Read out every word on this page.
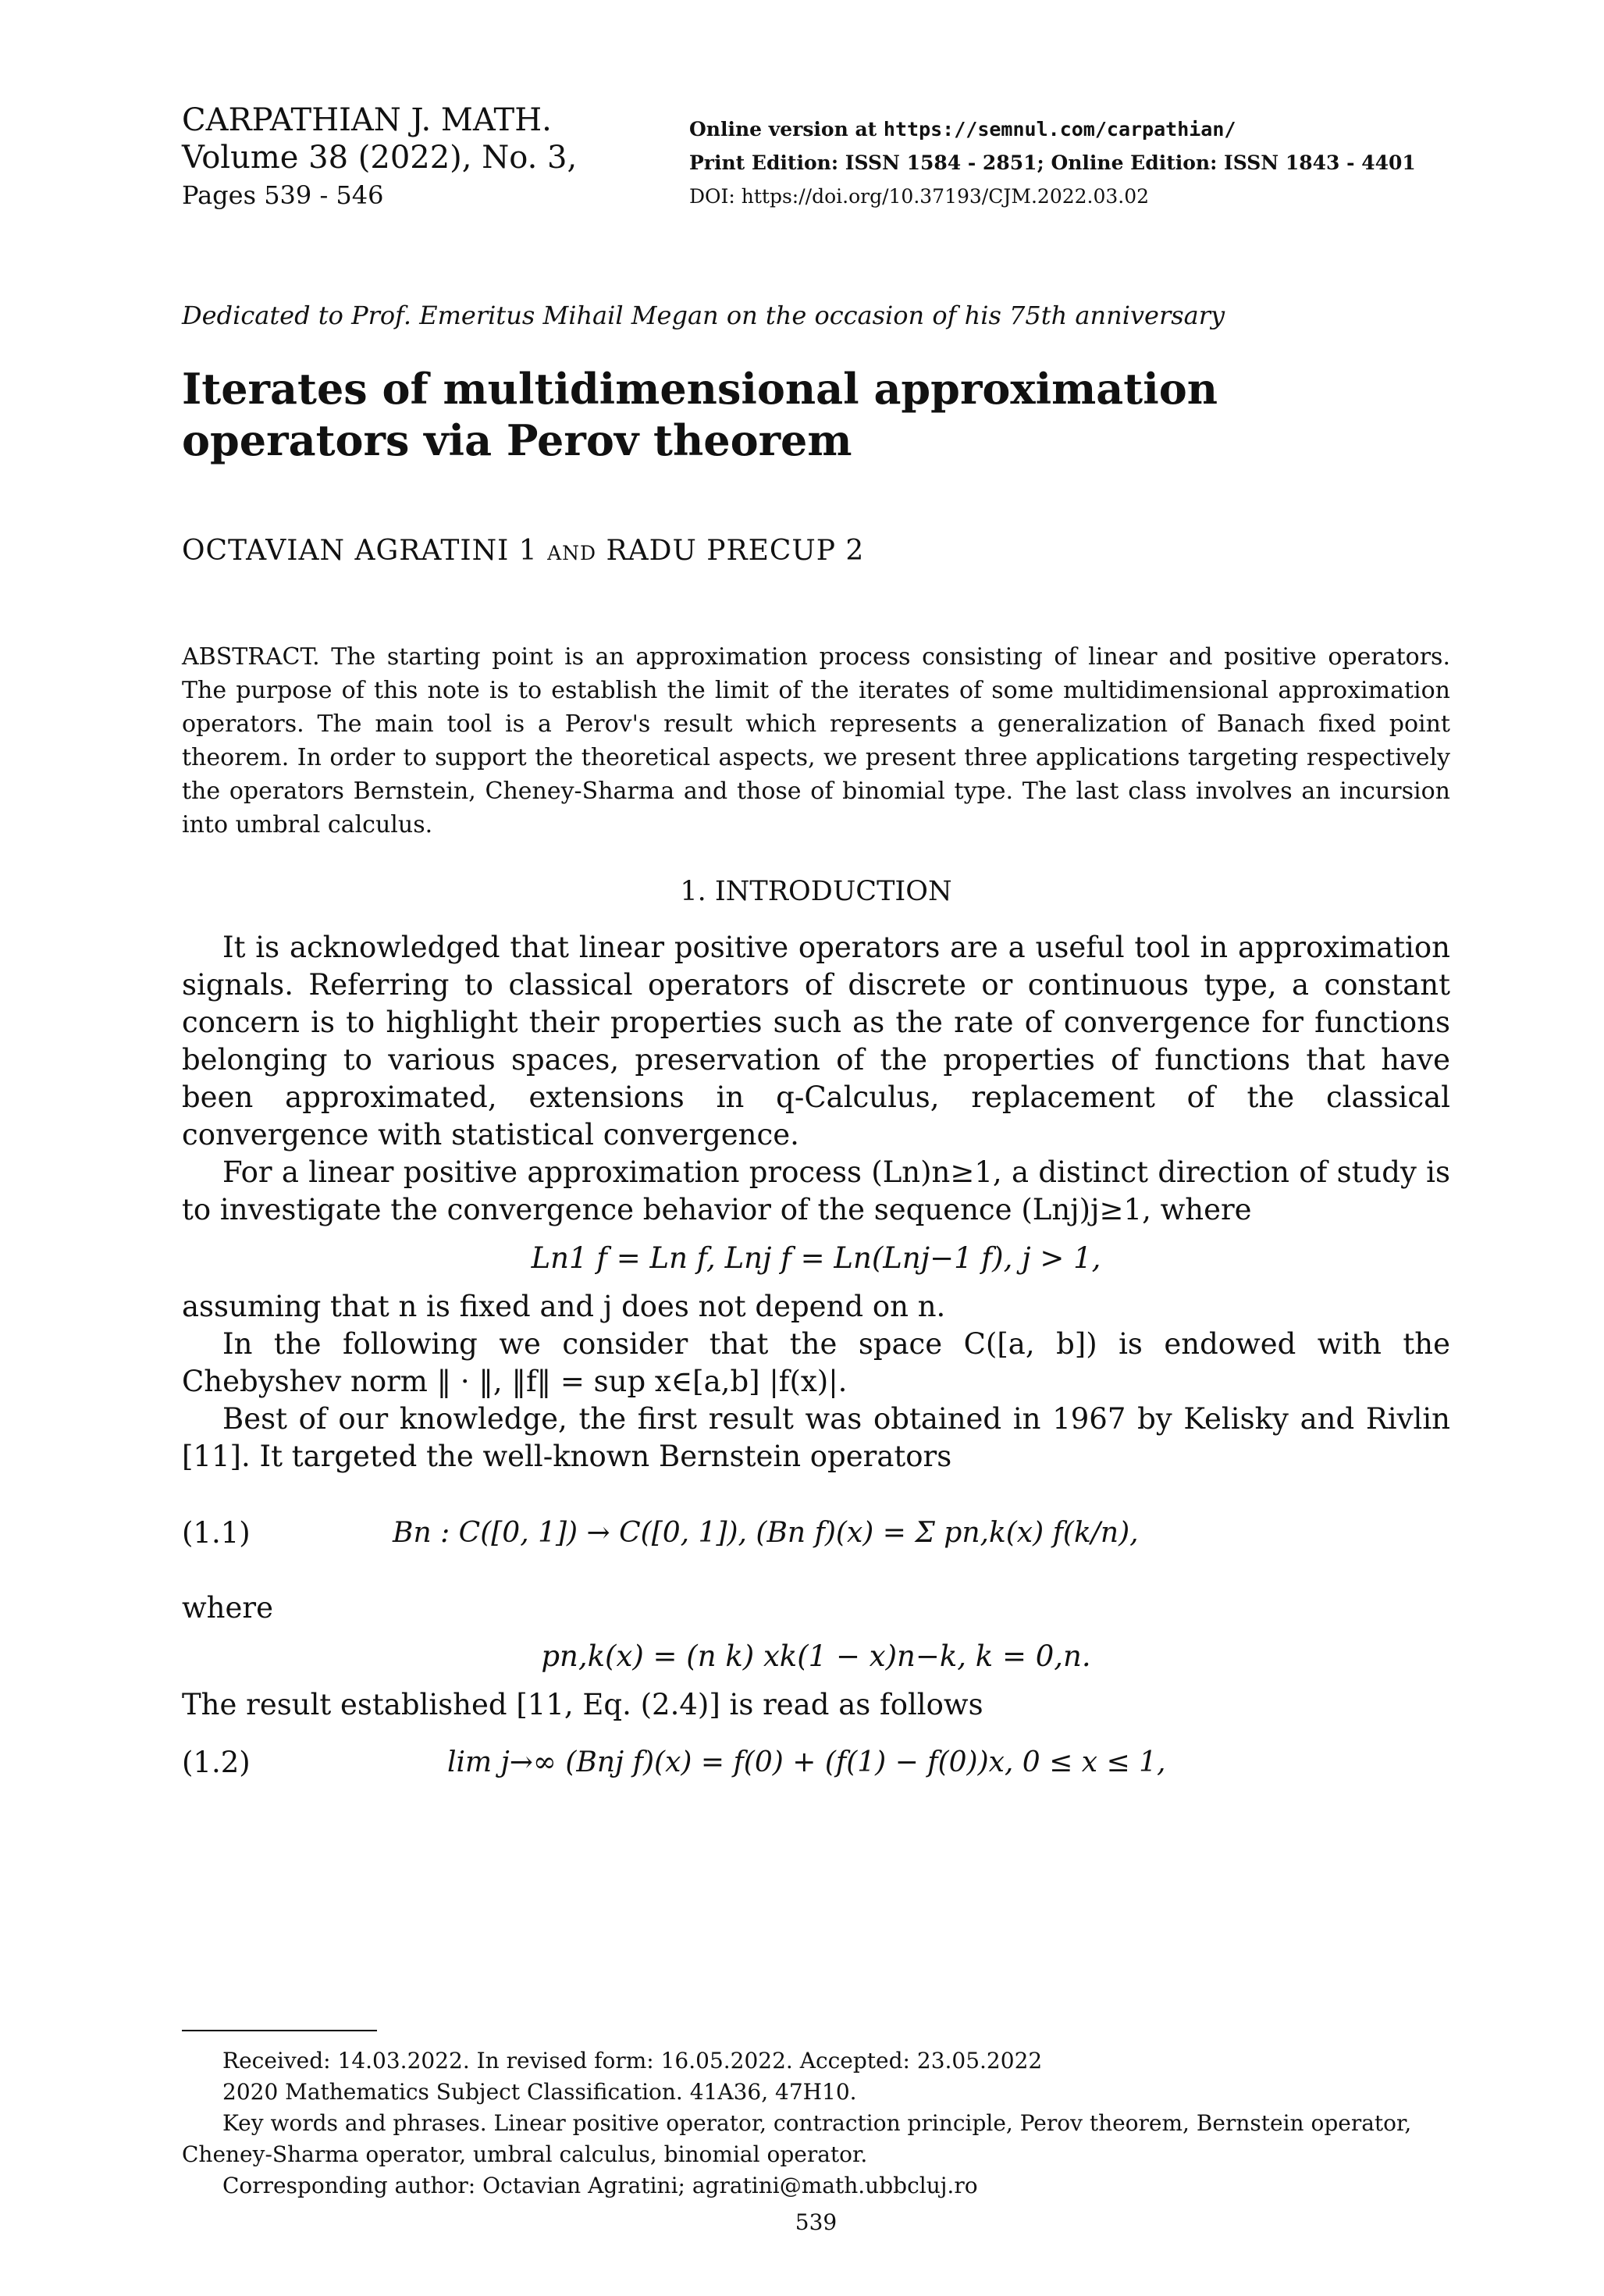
CARPATHIAN J. MATH.
Volume 38 (2022), No. 3,
Pages 539 - 546
Online version at https://semnul.com/carpathian/
Print Edition: ISSN 1584 - 2851; Online Edition: ISSN 1843 - 4401
DOI: https://doi.org/10.37193/CJM.2022.03.02
Dedicated to Prof. Emeritus Mihail Megan on the occasion of his 75th anniversary
Iterates of multidimensional approximation operators via Perov theorem
OCTAVIAN AGRATINI 1 and RADU PRECUP 2
ABSTRACT. The starting point is an approximation process consisting of linear and positive operators. The purpose of this note is to establish the limit of the iterates of some multidimensional approximation operators. The main tool is a Perov's result which represents a generalization of Banach fixed point theorem. In order to support the theoretical aspects, we present three applications targeting respectively the operators Bernstein, Cheney-Sharma and those of binomial type. The last class involves an incursion into umbral calculus.
1. INTRODUCTION

It is acknowledged that linear positive operators are a useful tool in approximation signals. Referring to classical operators of discrete or continuous type, a constant concern is to highlight their properties such as the rate of convergence for functions belonging to various spaces, preservation of the properties of functions that have been approximated, extensions in q-Calculus, replacement of the classical convergence with statistical convergence.

For a linear positive approximation process (Ln)n≥1, a distinct direction of study is to investigate the convergence behavior of the sequence (Lnj)j≥1, where

Ln1 f = Ln f, Lnj f = Ln(Lnj−1 f), j > 1,

assuming that n is fixed and j does not depend on n.

In the following we consider that the space C([a, b]) is endowed with the Chebyshev norm ‖ · ‖, ‖f‖ = sup x∈[a,b] |f(x)|.

Best of our knowledge, the first result was obtained in 1967 by Kelisky and Rivlin [11]. It targeted the well-known Bernstein operators

(1.1)	Bn : C([0, 1]) → C([0, 1]), (Bn f)(x) = Σ pn,k(x) f(k/n),

where

pn,k(x) = (n k) xk(1 − x)n−k, k = 0,n.

The result established [11, Eq. (2.4)] is read as follows

(1.2)	lim j→∞ (Bnj f)(x) = f(0) + (f(1) − f(0))x, 0 ≤ x ≤ 1,

Received: 14.03.2022. In revised form: 16.05.2022. Accepted: 23.05.2022

2020 Mathematics Subject Classification. 41A36, 47H10.

Key words and phrases. Linear positive operator, contraction principle, Perov theorem, Bernstein operator, Cheney-Sharma operator, umbral calculus, binomial operator.

Corresponding author: Octavian Agratini; agratini@math.ubbcluj.ro

539
